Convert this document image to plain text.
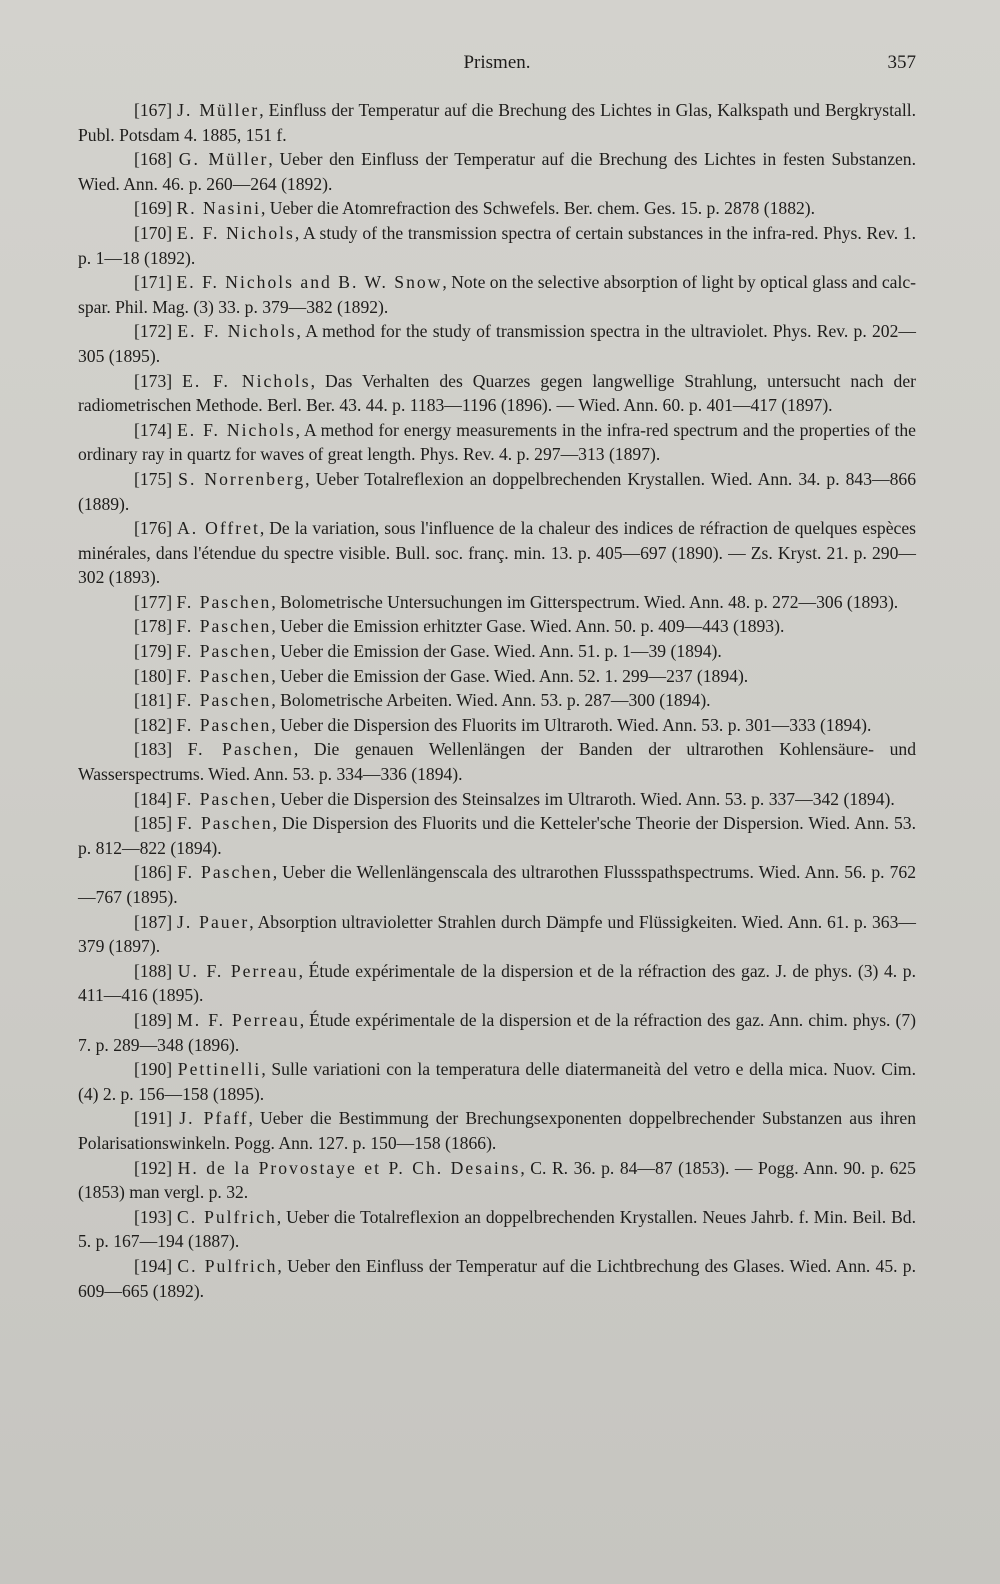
Prismen.	357

[167] J. Müller, Einfluss der Temperatur auf die Brechung des Lichtes in Glas, Kalkspath und Bergkrystall. Publ. Potsdam 4. 1885, 151 f.

[168] G. Müller, Ueber den Einfluss der Temperatur auf die Brechung des Lichtes in festen Substanzen. Wied. Ann. 46. p. 260—264 (1892).

[169] R. Nasini, Ueber die Atomrefraction des Schwefels. Ber. chem. Ges. 15. p. 2878 (1882).

[170] E. F. Nichols, A study of the transmission spectra of certain substances in the infra-red. Phys. Rev. 1. p. 1—18 (1892).

[171] E. F. Nichols and B. W. Snow, Note on the selective absorption of light by optical glass and calc-spar. Phil. Mag. (3) 33. p. 379—382 (1892).

[172] E. F. Nichols, A method for the study of transmission spectra in the ultraviolet. Phys. Rev. p. 202—305 (1895).

[173] E. F. Nichols, Das Verhalten des Quarzes gegen langwellige Strahlung, untersucht nach der radiometrischen Methode. Berl. Ber. 43. 44. p. 1183—1196 (1896). — Wied. Ann. 60. p. 401—417 (1897).

[174] E. F. Nichols, A method for energy measurements in the infra-red spectrum and the properties of the ordinary ray in quartz for waves of great length. Phys. Rev. 4. p. 297—313 (1897).

[175] S. Norrenberg, Ueber Totalreflexion an doppelbrechenden Krystallen. Wied. Ann. 34. p. 843—866 (1889).

[176] A. Offret, De la variation, sous l'influence de la chaleur des indices de réfraction de quelques espèces minérales, dans l'étendue du spectre visible. Bull. soc. franç. min. 13. p. 405—697 (1890). — Zs. Kryst. 21. p. 290—302 (1893).

[177] F. Paschen, Bolometrische Untersuchungen im Gitterspectrum. Wied. Ann. 48. p. 272—306 (1893).

[178] F. Paschen, Ueber die Emission erhitzter Gase. Wied. Ann. 50. p. 409—443 (1893).

[179] F. Paschen, Ueber die Emission der Gase. Wied. Ann. 51. p. 1—39 (1894).

[180] F. Paschen, Ueber die Emission der Gase. Wied. Ann. 52. 1. 299—237 (1894).

[181] F. Paschen, Bolometrische Arbeiten. Wied. Ann. 53. p. 287—300 (1894).

[182] F. Paschen, Ueber die Dispersion des Fluorits im Ultraroth. Wied. Ann. 53. p. 301—333 (1894).

[183] F. Paschen, Die genauen Wellenlängen der Banden der ultrarothen Kohlensäure- und Wasserspectrums. Wied. Ann. 53. p. 334—336 (1894).

[184] F. Paschen, Ueber die Dispersion des Steinsalzes im Ultraroth. Wied. Ann. 53. p. 337—342 (1894).

[185] F. Paschen, Die Dispersion des Fluorits und die Ketteler'sche Theorie der Dispersion. Wied. Ann. 53. p. 812—822 (1894).

[186] F. Paschen, Ueber die Wellenlängenscala des ultrarothen Flussspathspectrums. Wied. Ann. 56. p. 762—767 (1895).

[187] J. Pauer, Absorption ultravioletter Strahlen durch Dämpfe und Flüssigkeiten. Wied. Ann. 61. p. 363—379 (1897).

[188] U. F. Perreau, Étude expérimentale de la dispersion et de la réfraction des gaz. J. de phys. (3) 4. p. 411—416 (1895).

[189] M. F. Perreau, Étude expérimentale de la dispersion et de la réfraction des gaz. Ann. chim. phys. (7) 7. p. 289—348 (1896).

[190] Pettinelli, Sulle variationi con la temperatura delle diatermaneità del vetro e della mica. Nuov. Cim. (4) 2. p. 156—158 (1895).

[191] J. Pfaff, Ueber die Bestimmung der Brechungsexponenten doppelbrechender Substanzen aus ihren Polarisationswinkeln. Pogg. Ann. 127. p. 150—158 (1866).

[192] H. de la Provostaye et P. Ch. Desains, C. R. 36. p. 84—87 (1853). — Pogg. Ann. 90. p. 625 (1853) man vergl. p. 32.

[193] C. Pulfrich, Ueber die Totalreflexion an doppelbrechenden Krystallen. Neues Jahrb. f. Min. Beil. Bd. 5. p. 167—194 (1887).

[194] C. Pulfrich, Ueber den Einfluss der Temperatur auf die Lichtbrechung des Glases. Wied. Ann. 45. p. 609—665 (1892).
